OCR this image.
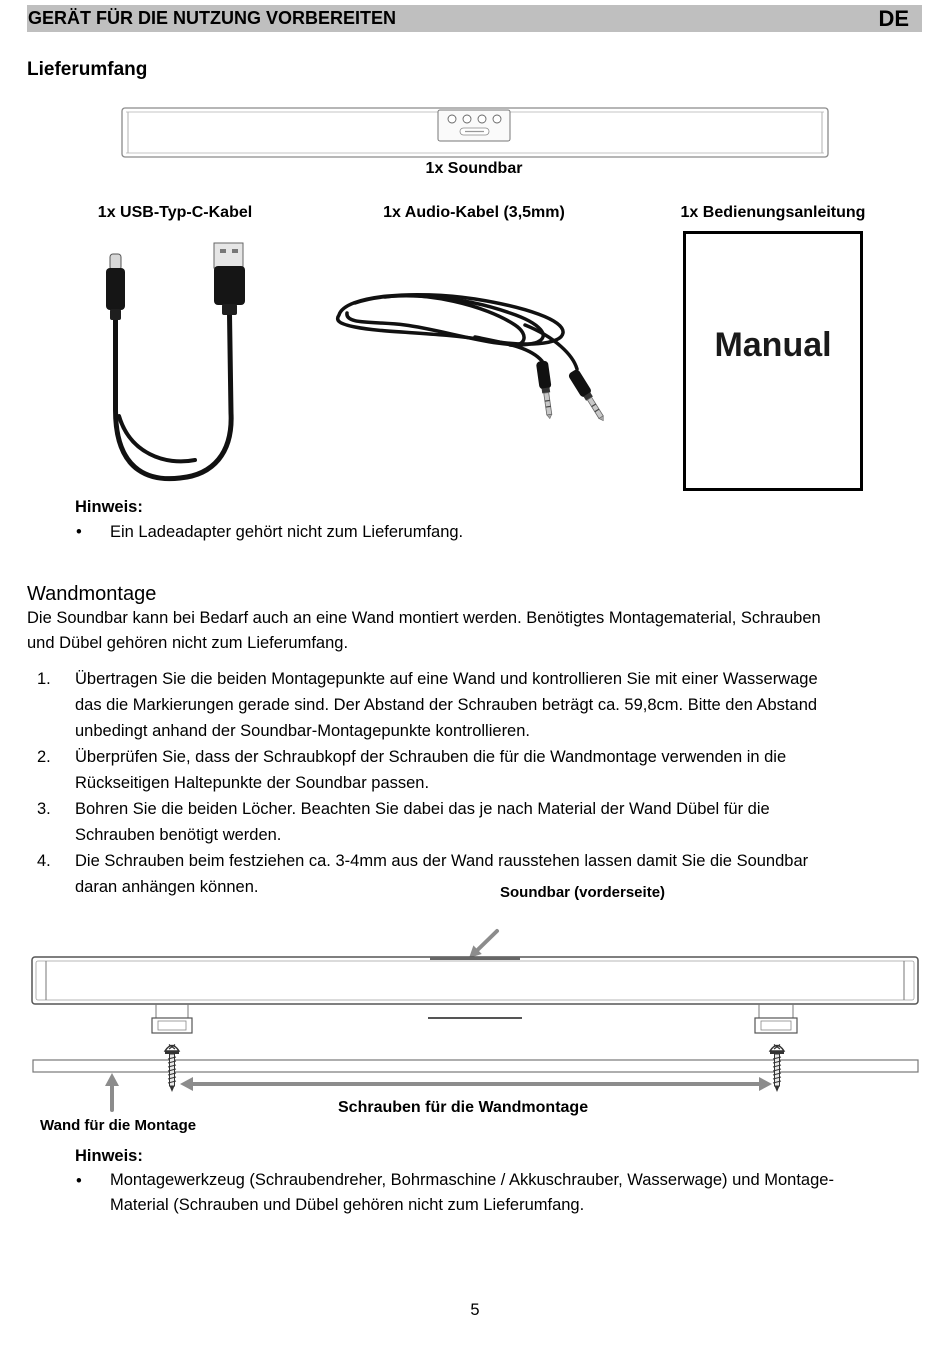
GERÄT FÜR DIE NUTZUNG VORBEREITEN	DE
Lieferumfang
1x Soundbar
1x USB-Typ-C-Kabel	1x Audio-Kabel (3,5mm)	1x Bedienungsanleitung
Manual
Hinweis:
•
Ein Ladeadapter gehört nicht zum Lieferumfang.
Wandmontage
Die Soundbar kann bei Bedarf auch an eine Wand montiert werden. Benötigtes Montagematerial, Schrauben
und Dübel gehören nicht zum Lieferumfang.
1. Übertragen Sie die beiden Montagepunkte auf eine Wand und kontrollieren Sie mit einer Wasserwage
das die Markierungen gerade sind. Der Abstand der Schrauben beträgt ca. 59,8cm. Bitte den Abstand
unbedingt anhand der Soundbar-Montagepunkte kontrollieren.
2. Überprüfen Sie, dass der Schraubkopf der Schrauben die für die Wandmontage verwenden in die
Rückseitigen Haltepunkte der Soundbar passen.
3. Bohren Sie die beiden Löcher. Beachten Sie dabei das je nach Material der Wand Dübel für die
Schrauben benötigt werden.
4. Die Schrauben beim festziehen ca. 3-4mm aus der Wand rausstehen lassen damit Sie die Soundbar
daran anhängen können.	Soundbar (vorderseite)
Schrauben für die Wandmontage
Wand für die Montage
Hinweis:
•
Montagewerkzeug (Schraubendreher, Bohrmaschine / Akkuschrauber, Wasserwage) und Montage-
Material (Schrauben und Dübel gehören nicht zum Lieferumfang.
5
